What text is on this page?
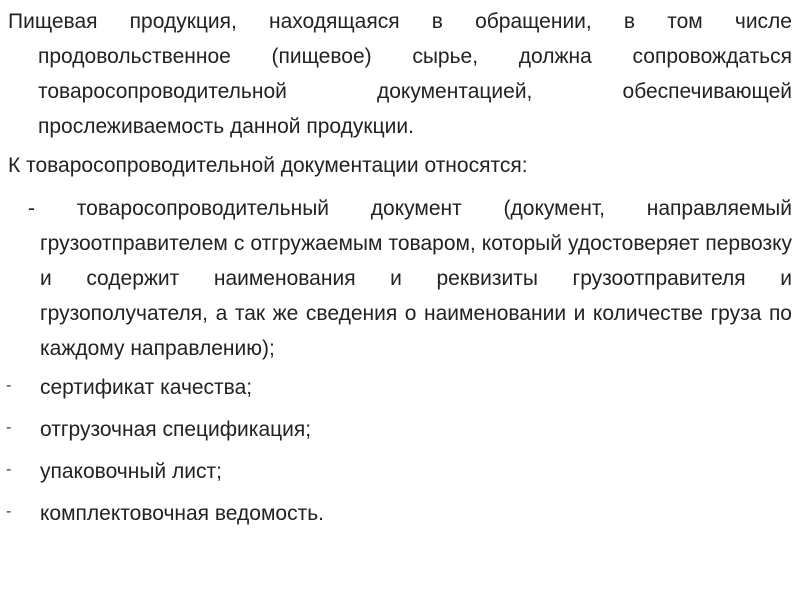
Пищевая продукция, находящаяся в обращении, в том числе продовольственное (пищевое) сырье, должна сопровождаться товаросопроводительной документацией, обеспечивающей прослеживаемость данной продукции.
К товаросопроводительной документации относятся:
- товаросопроводительный документ (документ, направляемый грузоотправителем с отгружаемым товаром, который удостоверяет первозку и содержит наименования и реквизиты грузоотправителя и грузополучателя, а так же сведения о наименовании и количестве груза по каждому направлению);
- сертификат качества;
- отгрузочная спецификация;
- упаковочный лист;
- комплектовочная ведомость.
